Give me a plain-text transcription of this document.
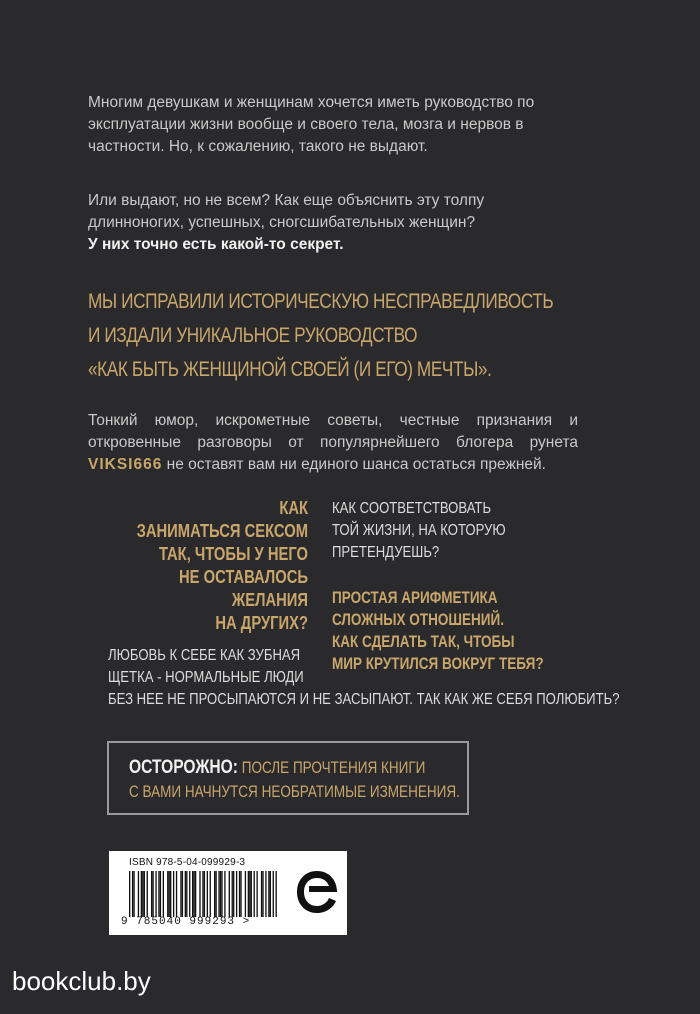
Многим девушкам и женщинам хочется иметь руководство по эксплуатации жизни вообще и своего тела, мозга и нервов в частности. Но, к сожалению, такого не выдают.
Или выдают, но не всем? Как еще объяснить эту толпу длинноногих, успешных, сногсшибательных женщин?
У них точно есть какой-то секрет.
МЫ ИСПРАВИЛИ ИСТОРИЧЕСКУЮ НЕСПРАВЕДЛИВОСТЬ
И ИЗДАЛИ УНИКАЛЬНОЕ РУКОВОДСТВО
«КАК БЫТЬ ЖЕНЩИНОЙ СВОЕЙ (И ЕГО) МЕЧТЫ».
Тонкий юмор, искрометные советы, честные признания и откровенные разговоры от популярнейшего блогера рунета VIKSI666 не оставят вам ни единого шанса остаться прежней.
КАК
ЗАНИМАТЬСЯ СЕКСОМ
ТАК, ЧТОБЫ У НЕГО
НЕ ОСТАВАЛОСЬ
ЖЕЛАНИЯ
НА ДРУГИХ?
КАК СООТВЕТСТВОВАТЬ
ТОЙ ЖИЗНИ, НА КОТОРУЮ
ПРЕТЕНДУЕШЬ?
ПРОСТАЯ АРИФМЕТИКА
СЛОЖНЫХ ОТНОШЕНИЙ.
КАК СДЕЛАТЬ ТАК, ЧТОБЫ
МИР КРУТИЛСЯ ВОКРУГ ТЕБЯ?
ЛЮБОВЬ К СЕБЕ КАК ЗУБНАЯ
ЩЕТКА - НОРМАЛЬНЫЕ ЛЮДИ
БЕЗ НЕЕ НЕ ПРОСЫПАЮТСЯ И НЕ ЗАСЫПАЮТ. ТАК КАК ЖЕ СЕБЯ ПОЛЮБИТЬ?
ОСТОРОЖНО: ПОСЛЕ ПРОЧТЕНИЯ КНИГИ
С ВАМИ НАЧНУТСЯ НЕОБРАТИМЫЕ ИЗМЕНЕНИЯ.
ISBN 978-5-04-099929-3
9 785040 999293 >
bookclub.by
